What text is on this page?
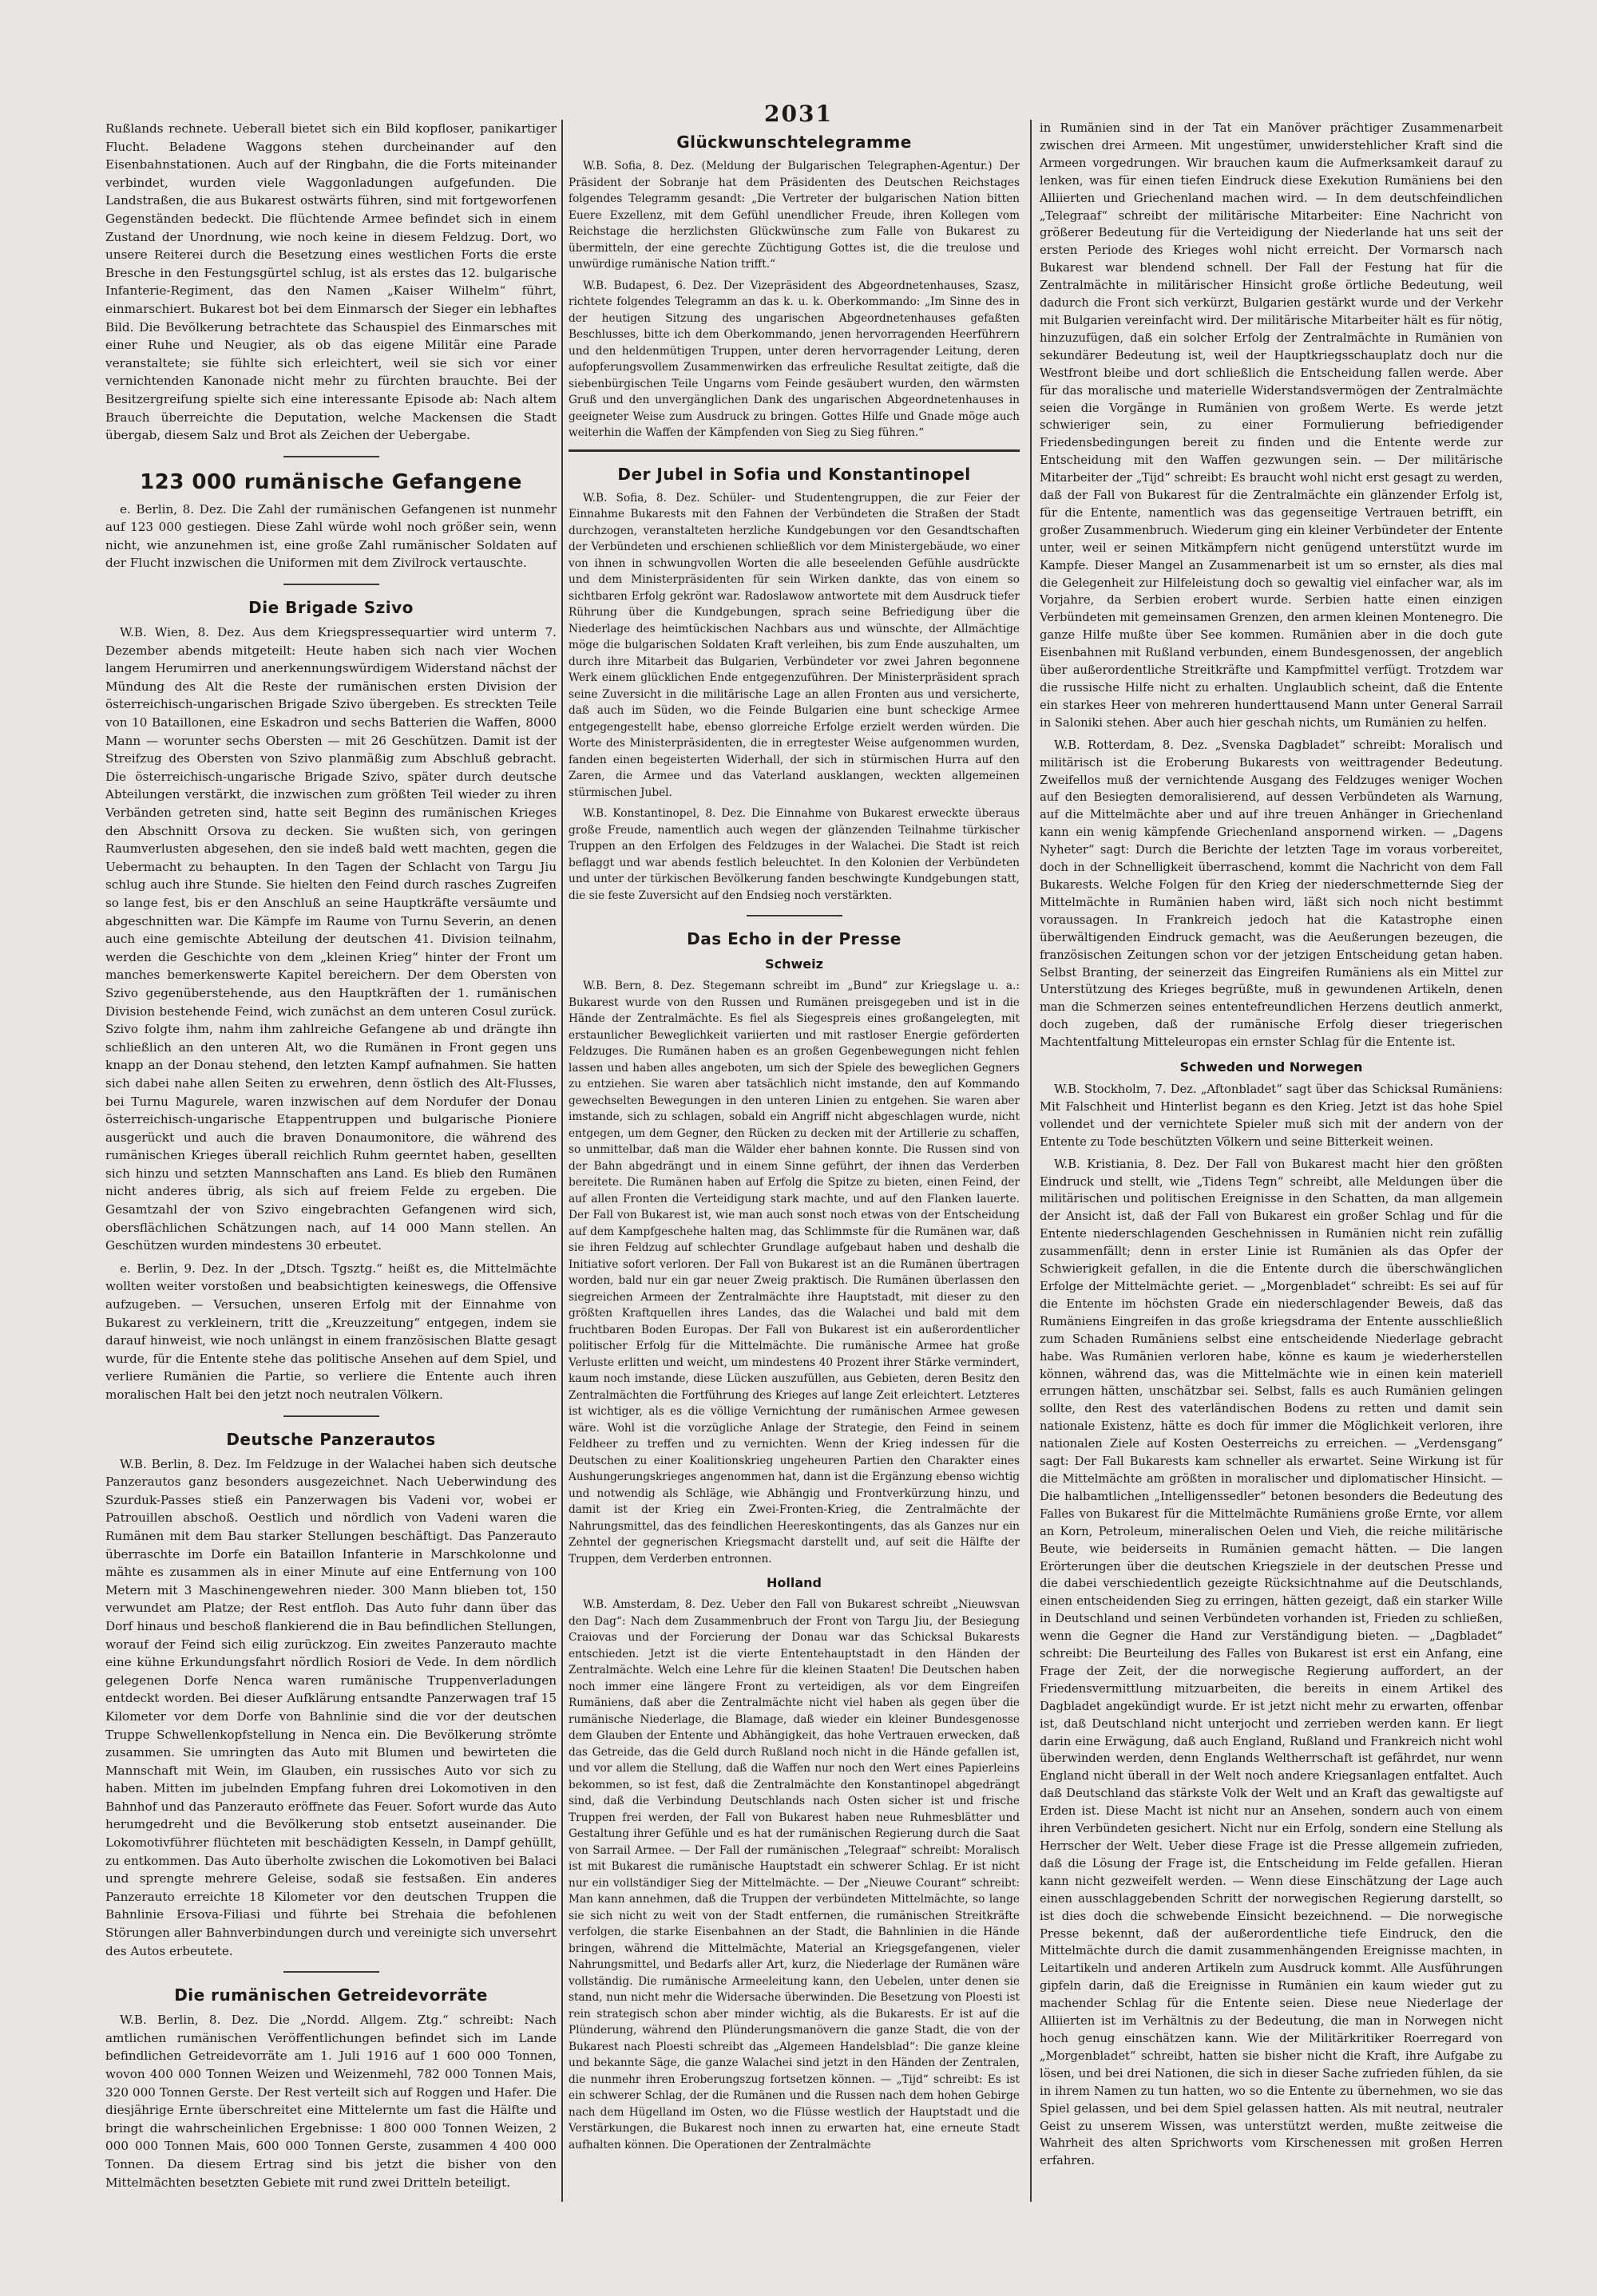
2031

Rußlands rechnete. Ueberall bietet sich ein Bild kopfloser, panikartiger Flucht. Beladene Waggons stehen durcheinander auf den Eisenbahnstationen. Auch auf der Ringbahn, die die Forts miteinander verbindet, wurden viele Waggonladungen aufgefunden. Die Landstraßen, die aus Bukarest ostwärts führen, sind mit fortgeworfenen Gegenständen bedeckt. Die flüchtende Armee befindet sich in einem Zustand der Unordnung, wie noch keine in diesem Feldzug. Dort, wo unsere Reiterei durch die Besetzung eines westlichen Forts die erste Bresche in den Festungsgürtel schlug, ist als erstes das 12. bulgarische Infanterie-Regiment, das den Namen „Kaiser Wilhelm“ führt, einmarschiert. Bukarest bot bei dem Einmarsch der Sieger ein lebhaftes Bild. Die Bevölkerung betrachtete das Schauspiel des Einmarsches mit einer Ruhe und Neugier, als ob das eigene Militär eine Parade veranstaltete; sie fühlte sich erleichtert, weil sie sich vor einer vernichtenden Kanonade nicht mehr zu fürchten brauchte. Bei der Besitzergreifung spielte sich eine interessante Episode ab: Nach altem Brauch überreichte die Deputation, welche Mackensen die Stadt übergab, diesem Salz und Brot als Zeichen der Uebergabe.

123 000 rumänische Gefangene

e. Berlin, 8. Dez. Die Zahl der rumänischen Gefangenen ist nunmehr auf 123 000 gestiegen. Diese Zahl würde wohl noch größer sein, wenn nicht, wie anzunehmen ist, eine große Zahl rumänischer Soldaten auf der Flucht inzwischen die Uniformen mit dem Zivilrock vertauschte.

Die Brigade Szivo

W.B. Wien, 8. Dez. Aus dem Kriegspressequartier wird unterm 7. Dezember abends mitgeteilt: Heute haben sich nach vier Wochen langem Herumirren und anerkennungswürdigem Widerstand nächst der Mündung des Alt die Reste der rumänischen ersten Division der österreichisch-ungarischen Brigade Szivo übergeben. Es streckten Teile von 10 Bataillonen, eine Eskadron und sechs Batterien die Waffen, 8000 Mann — worunter sechs Obersten — mit 26 Geschützen. Damit ist der Streifzug des Obersten von Szivo planmäßig zum Abschluß gebracht. Die österreichisch-ungarische Brigade Szivo, später durch deutsche Abteilungen verstärkt, die inzwischen zum größten Teil wieder zu ihren Verbänden getreten sind, hatte seit Beginn des rumänischen Krieges den Abschnitt Orsova zu decken. Sie wußten sich, von geringen Raumverlusten abgesehen, den sie indeß bald wett machten, gegen die Uebermacht zu behaupten. In den Tagen der Schlacht von Targu Jiu schlug auch ihre Stunde. Sie hielten den Feind durch rasches Zugreifen so lange fest, bis er den Anschluß an seine Hauptkräfte versäumte und abgeschnitten war. Die Kämpfe im Raume von Turnu Severin, an denen auch eine gemischte Abteilung der deutschen 41. Division teilnahm, werden die Geschichte von dem „kleinen Krieg“ hinter der Front um manches bemerkenswerte Kapitel bereichern. Der dem Obersten von Szivo gegenüberstehende, aus den Hauptkräften der 1. rumänischen Division bestehende Feind, wich zunächst an dem unteren Cosul zurück. Szivo folgte ihm, nahm ihm zahlreiche Gefangene ab und drängte ihn schließlich an den unteren Alt, wo die Rumänen in Front gegen uns knapp an der Donau stehend, den letzten Kampf aufnahmen. Sie hatten sich dabei nahe allen Seiten zu erwehren, denn östlich des Alt-Flusses, bei Turnu Magurele, waren inzwischen auf dem Nordufer der Donau österreichisch-ungarische Etappentruppen und bulgarische Pioniere ausgerückt und auch die braven Donaumonitore, die während des rumänischen Krieges überall reichlich Ruhm geerntet haben, gesellten sich hinzu und setzten Mannschaften ans Land. Es blieb den Rumänen nicht anderes übrig, als sich auf freiem Felde zu ergeben. Die Gesamtzahl der von Szivo eingebrachten Gefangenen wird sich, obersflächlichen Schätzungen nach, auf 14 000 Mann stellen. An Geschützen wurden mindestens 30 erbeutet.

e. Berlin, 9. Dez. In der „Dtsch. Tgsztg.“ heißt es, die Mittelmächte wollten weiter vorstoßen und beabsichtigten keineswegs, die Offensive aufzugeben. — Versuchen, unseren Erfolg mit der Einnahme von Bukarest zu verkleinern, tritt die „Kreuzzeitung“ entgegen, indem sie darauf hinweist, wie noch unlängst in einem französischen Blatte gesagt wurde, für die Entente stehe das politische Ansehen auf dem Spiel, und verliere Rumänien die Partie, so verliere die Entente auch ihren moralischen Halt bei den jetzt noch neutralen Völkern.

Deutsche Panzerautos

W.B. Berlin, 8. Dez. Im Feldzuge in der Walachei haben sich deutsche Panzerautos ganz besonders ausgezeichnet. Nach Ueberwindung des Szurduk-Passes stieß ein Panzerwagen bis Vadeni vor, wobei er Patrouillen abschoß. Oestlich und nördlich von Vadeni waren die Rumänen mit dem Bau starker Stellungen beschäftigt. Das Panzerauto überraschte im Dorfe ein Bataillon Infanterie in Marschkolonne und mähte es zusammen als in einer Minute auf eine Entfernung von 100 Metern mit 3 Maschinengewehren nieder. 300 Mann blieben tot, 150 verwundet am Platze; der Rest entfloh. Das Auto fuhr dann über das Dorf hinaus und beschoß flankierend die in Bau befindlichen Stellungen, worauf der Feind sich eilig zurückzog. Ein zweites Panzerauto machte eine kühne Erkundungsfahrt nördlich Rosiori de Vede. In dem nördlich gelegenen Dorfe Nenca waren rumänische Truppenverladungen entdeckt worden. Bei dieser Aufklärung entsandte Panzerwagen traf 15 Kilometer vor dem Dorfe von Bahnlinie sind die vor der deutschen Truppe Schwellenkopfstellung in Nenca ein. Die Bevölkerung strömte zusammen. Sie umringten das Auto mit Blumen und bewirteten die Mannschaft mit Wein, im Glauben, ein russisches Auto vor sich zu haben. Mitten im jubelnden Empfang fuhren drei Lokomotiven in den Bahnhof und das Panzerauto eröffnete das Feuer. Sofort wurde das Auto herumgedreht und die Bevölkerung stob entsetzt auseinander. Die Lokomotivführer flüchteten mit beschädigten Kesseln, in Dampf gehüllt, zu entkommen. Das Auto überholte zwischen die Lokomotiven bei Balaci und sprengte mehrere Geleise, sodaß sie festsaßen. Ein anderes Panzerauto erreichte 18 Kilometer vor den deutschen Truppen die Bahnlinie Ersova-Filiasi und führte bei Strehaia die befohlenen Störungen aller Bahnverbindungen durch und vereinigte sich unversehrt des Autos erbeutete.

Die rumänischen Getreidevorräte

W.B. Berlin, 8. Dez. Die „Nordd. Allgem. Ztg.“ schreibt: Nach amtlichen rumänischen Veröffentlichungen befindet sich im Lande befindlichen Getreidevorräte am 1. Juli 1916 auf 1 600 000 Tonnen, wovon 400 000 Tonnen Weizen und Weizenmehl, 782 000 Tonnen Mais, 320 000 Tonnen Gerste. Der Rest verteilt sich auf Roggen und Hafer. Die diesjährige Ernte überschreitet eine Mittelernte um fast die Hälfte und bringt die wahrscheinlichen Ergebnisse: 1 800 000 Tonnen Weizen, 2 000 000 Tonnen Mais, 600 000 Tonnen Gerste, zusammen 4 400 000 Tonnen. Da diesem Ertrag sind bis jetzt die bisher von den Mittelmächten besetzten Gebiete mit rund zwei Dritteln beteiligt.

Glückwunschtelegramme

W.B. Sofia, 8. Dez. (Meldung der Bulgarischen Telegraphen-Agentur.) Der Präsident der Sobranje hat dem Präsidenten des Deutschen Reichstages folgendes Telegramm gesandt: „Die Vertreter der bulgarischen Nation bitten Euere Exzellenz, mit dem Gefühl unendlicher Freude, ihren Kollegen vom Reichstage die herzlichsten Glückwünsche zum Falle von Bukarest zu übermitteln, der eine gerechte Züchtigung Gottes ist, die die treulose und unwürdige rumänische Nation trifft.“

W.B. Budapest, 6. Dez. Der Vizepräsident des Abgeordnetenhauses, Szasz, richtete folgendes Telegramm an das k. u. k. Oberkommando: „Im Sinne des in der heutigen Sitzung des ungarischen Abgeordnetenhauses gefaßten Beschlusses, bitte ich dem Oberkommando, jenen hervorragenden Heerführern und den heldenmütigen Truppen, unter deren hervorragender Leitung, deren aufopferungsvollem Zusammenwirken das erfreuliche Resultat zeitigte, daß die siebenbürgischen Teile Ungarns vom Feinde gesäubert wurden, den wärmsten Gruß und den unvergänglichen Dank des ungarischen Abgeordnetenhauses in geeigneter Weise zum Ausdruck zu bringen. Gottes Hilfe und Gnade möge auch weiterhin die Waffen der Kämpfenden von Sieg zu Sieg führen.“

Der Jubel in Sofia und Konstantinopel

W.B. Sofia, 8. Dez. Schüler- und Studentengruppen, die zur Feier der Einnahme Bukarests mit den Fahnen der Verbündeten die Straßen der Stadt durchzogen, veranstalteten herzliche Kundgebungen vor den Gesandtschaften der Verbündeten und erschienen schließlich vor dem Ministergebäude, wo einer von ihnen in schwungvollen Worten die alle beseelenden Gefühle ausdrückte und dem Ministerpräsidenten für sein Wirken dankte, das von einem so sichtbaren Erfolg gekrönt war. Radoslawow antwortete mit dem Ausdruck tiefer Rührung über die Kundgebungen, sprach seine Befriedigung über die Niederlage des heimtückischen Nachbars aus und wünschte, der Allmächtige möge die bulgarischen Soldaten Kraft verleihen, bis zum Ende auszuhalten, um durch ihre Mitarbeit das Bulgarien, Verbündeter vor zwei Jahren begonnene Werk einem glücklichen Ende entgegenzuführen. Der Ministerpräsident sprach seine Zuversicht in die militärische Lage an allen Fronten aus und versicherte, daß auch im Süden, wo die Feinde Bulgarien eine bunt scheckige Armee entgegengestellt habe, ebenso glorreiche Erfolge erzielt werden würden. Die Worte des Ministerpräsidenten, die in erregtester Weise aufgenommen wurden, fanden einen begeisterten Widerhall, der sich in stürmischen Hurra auf den Zaren, die Armee und das Vaterland ausklangen, weckten allgemeinen stürmischen Jubel.

W.B. Konstantinopel, 8. Dez. Die Einnahme von Bukarest erweckte überaus große Freude, namentlich auch wegen der glänzenden Teilnahme türkischer Truppen an den Erfolgen des Feldzuges in der Walachei. Die Stadt ist reich beflaggt und war abends festlich beleuchtet. In den Kolonien der Verbündeten und unter der türkischen Bevölkerung fanden beschwingte Kundgebungen statt, die sie feste Zuversicht auf den Endsieg noch verstärkten.

Das Echo in der Presse
Schweiz

W.B. Bern, 8. Dez. Stegemann schreibt im „Bund“ zur Kriegslage u. a.: Bukarest wurde von den Russen und Rumänen preisgegeben und ist in die Hände der Zentralmächte. Es fiel als Siegespreis eines großangelegten, mit erstaunlicher Beweglichkeit variierten und mit rastloser Energie geförderten Feldzuges. Die Rumänen haben es an großen Gegenbewegungen nicht fehlen lassen und haben alles angeboten, um sich der Spiele des beweglichen Gegners zu entziehen. Sie waren aber tatsächlich nicht imstande, den auf Kommando gewechselten Bewegungen in den unteren Linien zu entgehen. Sie waren aber imstande, sich zu schlagen, sobald ein Angriff nicht abgeschlagen wurde, nicht entgegen, um dem Gegner, den Rücken zu decken mit der Artillerie zu schaffen, so unmittelbar, daß man die Wälder eher bahnen konnte. Die Russen sind von der Bahn abgedrängt und in einem Sinne geführt, der ihnen das Verderben bereitete. Die Rumänen haben auf Erfolg die Spitze zu bieten, einen Feind, der auf allen Fronten die Verteidigung stark machte, und auf den Flanken lauerte. Der Fall von Bukarest ist, wie man auch sonst noch etwas von der Entscheidung auf dem Kampfgeschehe halten mag, das Schlimmste für die Rumänen war, daß sie ihren Feldzug auf schlechter Grundlage aufgebaut haben und deshalb die Initiative sofort verloren. Der Fall von Bukarest ist an die Rumänen übertragen worden, bald nur ein gar neuer Zweig praktisch. Die Rumänen überlassen den siegreichen Armeen der Zentralmächte ihre Hauptstadt, mit dieser zu den größten Kraftquellen ihres Landes, das die Walachei und bald mit dem fruchtbaren Boden Europas. Der Fall von Bukarest ist ein außerordentlicher politischer Erfolg für die Mittelmächte. Die rumänische Armee hat große Verluste erlitten und weicht, um mindestens 40 Prozent ihrer Stärke vermindert, kaum noch imstande, diese Lücken auszufüllen, aus Gebieten, deren Besitz den Zentralmächten die Fortführung des Krieges auf lange Zeit erleichtert. Letzteres ist wichtiger, als es die völlige Vernichtung der rumänischen Armee gewesen wäre. Wohl ist die vorzügliche Anlage der Strategie, den Feind in seinem Feldheer zu treffen und zu vernichten. Wenn der Krieg indessen für die Deutschen zu einer Koalitionskrieg ungeheuren Partien den Charakter eines Aushungerungskrieges angenommen hat, dann ist die Ergänzung ebenso wichtig und notwendig als Schläge, wie Abhängig und Frontverkürzung hinzu, und damit ist der Krieg ein Zwei-Fronten-Krieg, die Zentralmächte der Nahrungsmittel, das des feindlichen Heereskontingents, das als Ganzes nur ein Zehntel der gegnerischen Kriegsmacht darstellt und, auf seit die Hälfte der Truppen, dem Verderben entronnen.

Holland

W.B. Amsterdam, 8. Dez. Ueber den Fall von Bukarest schreibt „Nieuwsvan den Dag“: Nach dem Zusammenbruch der Front von Targu Jiu, der Besiegung Craiovas und der Forcierung der Donau war das Schicksal Bukarests entschieden. Jetzt ist die vierte Ententehauptstadt in den Händen der Zentralmächte. Welch eine Lehre für die kleinen Staaten! Die Deutschen haben noch immer eine längere Front zu verteidigen, als vor dem Eingreifen Rumäniens, daß aber die Zentralmächte nicht viel haben als gegen über die rumänische Niederlage, die Blamage, daß wieder ein kleiner Bundesgenosse dem Glauben der Entente und Abhängigkeit, das hohe Vertrauen erwecken, daß das Getreide, das die Geld durch Rußland noch nicht in die Hände gefallen ist, und vor allem die Stellung, daß die Waffen nur noch den Wert eines Papierleins bekommen, so ist fest, daß die Zentralmächte den Konstantinopel abgedrängt sind, daß die Verbindung Deutschlands nach Osten sicher ist und frische Truppen frei werden, der Fall von Bukarest haben neue Ruhmesblätter und Gestaltung ihrer Gefühle und es hat der rumänischen Regierung durch die Saat von Sarrail Armee. — Der Fall der rumänischen „Telegraaf“ schreibt: Moralisch ist mit Bukarest die rumänische Hauptstadt ein schwerer Schlag. Er ist nicht nur ein vollständiger Sieg der Mittelmächte. — Der „Nieuwe Courant“ schreibt: Man kann annehmen, daß die Truppen der verbündeten Mittelmächte, so lange sie sich nicht zu weit von der Stadt entfernen, die rumänischen Streitkräfte verfolgen, die starke Eisenbahnen an der Stadt, die Bahnlinien in die Hände bringen, während die Mittelmächte, Material an Kriegsgefangenen, vieler Nahrungsmittel, und Bedarfs aller Art, kurz, die Niederlage der Rumänen wäre vollständig. Die rumänische Armeeleitung kann, den Uebelen, unter denen sie stand, nun nicht mehr die Widersache überwinden. Die Besetzung von Ploesti ist rein strategisch schon aber minder wichtig, als die Bukarests. Er ist auf die Plünderung, während den Plünderungsmanövern die ganze Stadt, die von der Bukarest nach Ploesti schreibt das „Algemeen Handelsblad“: Die ganze kleine und bekannte Säge, die ganze Walachei sind jetzt in den Händen der Zentralen, die nunmehr ihren Eroberungszug fortsetzen können. — „Tijd“ schreibt: Es ist ein schwerer Schlag, der die Rumänen und die Russen nach dem hohen Gebirge nach dem Hügelland im Osten, wo die Flüsse westlich der Hauptstadt und die Verstärkungen, die Bukarest noch innen zu erwarten hat, eine erneute Stadt aufhalten können. Die Operationen der Zentralmächte

in Rumänien sind in der Tat ein Manöver prächtiger Zusammenarbeit zwischen drei Armeen. Mit ungestümer, unwiderstehlicher Kraft sind die Armeen vorgedrungen. Wir brauchen kaum die Aufmerksamkeit darauf zu lenken, was für einen tiefen Eindruck diese Exekution Rumäniens bei den Alliierten und Griechenland machen wird. — In dem deutschfeindlichen „Telegraaf“ schreibt der militärische Mitarbeiter: Eine Nachricht von größerer Bedeutung für die Verteidigung der Niederlande hat uns seit der ersten Periode des Krieges wohl nicht erreicht. Der Vormarsch nach Bukarest war blendend schnell. Der Fall der Festung hat für die Zentralmächte in militärischer Hinsicht große örtliche Bedeutung, weil dadurch die Front sich verkürzt, Bulgarien gestärkt wurde und der Verkehr mit Bulgarien vereinfacht wird. Der militärische Mitarbeiter hält es für nötig, hinzuzufügen, daß ein solcher Erfolg der Zentralmächte in Rumänien von sekundärer Bedeutung ist, weil der Hauptkriegsschauplatz doch nur die Westfront bleibe und dort schließlich die Entscheidung fallen werde. Aber für das moralische und materielle Widerstandsvermögen der Zentralmächte seien die Vorgänge in Rumänien von großem Werte. Es werde jetzt schwieriger sein, zu einer Formulierung befriedigender Friedensbedingungen bereit zu finden und die Entente werde zur Entscheidung mit den Waffen gezwungen sein. — Der militärische Mitarbeiter der „Tijd“ schreibt: Es braucht wohl nicht erst gesagt zu werden, daß der Fall von Bukarest für die Zentralmächte ein glänzender Erfolg ist, für die Entente, namentlich was das gegenseitige Vertrauen betrifft, ein großer Zusammenbruch. Wiederum ging ein kleiner Verbündeter der Entente unter, weil er seinen Mitkämpfern nicht genügend unterstützt wurde im Kampfe. Dieser Mangel an Zusammenarbeit ist um so ernster, als dies mal die Gelegenheit zur Hilfeleistung doch so gewaltig viel einfacher war, als im Vorjahre, da Serbien erobert wurde. Serbien hatte einen einzigen Verbündeten mit gemeinsamen Grenzen, den armen kleinen Montenegro. Die ganze Hilfe mußte über See kommen. Rumänien aber in die doch gute Eisenbahnen mit Rußland verbunden, einem Bundesgenossen, der angeblich über außerordentliche Streitkräfte und Kampfmittel verfügt. Trotzdem war die russische Hilfe nicht zu erhalten. Unglaublich scheint, daß die Entente ein starkes Heer von mehreren hunderttausend Mann unter General Sarrail in Saloniki stehen. Aber auch hier geschah nichts, um Rumänien zu helfen.

W.B. Rotterdam, 8. Dez. „Svenska Dagbladet“ schreibt: Moralisch und militärisch ist die Eroberung Bukarests von weittragender Bedeutung. Zweifellos muß der vernichtende Ausgang des Feldzuges weniger Wochen auf den Besiegten demoralisierend, auf dessen Verbündeten als Warnung, auf die Mittelmächte aber und auf ihre treuen Anhänger in Griechenland kann ein wenig kämpfende Griechenland anspornend wirken. — „Dagens Nyheter“ sagt: Durch die Berichte der letzten Tage im voraus vorbereitet, doch in der Schnelligkeit überraschend, kommt die Nachricht von dem Fall Bukarests. Welche Folgen für den Krieg der niederschmetternde Sieg der Mittelmächte in Rumänien haben wird, läßt sich noch nicht bestimmt voraussagen. In Frankreich jedoch hat die Katastrophe einen überwältigenden Eindruck gemacht, was die Aeußerungen bezeugen, die französischen Zeitungen schon vor der jetzigen Entscheidung getan haben. Selbst Branting, der seinerzeit das Eingreifen Rumäniens als ein Mittel zur Unterstützung des Krieges begrüßte, muß in gewundenen Artikeln, denen man die Schmerzen seines ententefreundlichen Herzens deutlich anmerkt, doch zugeben, daß der rumänische Erfolg dieser triegerischen Machtentfaltung Mitteleuropas ein ernster Schlag für die Entente ist.

Schweden und Norwegen

W.B. Stockholm, 7. Dez. „Aftonbladet“ sagt über das Schicksal Rumäniens: Mit Falschheit und Hinterlist begann es den Krieg. Jetzt ist das hohe Spiel vollendet und der vernichtete Spieler muß sich mit der andern von der Entente zu Tode beschützten Völkern und seine Bitterkeit weinen.

W.B. Kristiania, 8. Dez. Der Fall von Bukarest macht hier den größten Eindruck und stellt, wie „Tidens Tegn“ schreibt, alle Meldungen über die militärischen und politischen Ereignisse in den Schatten, da man allgemein der Ansicht ist, daß der Fall von Bukarest ein großer Schlag und für die Entente niederschlagenden Geschehnissen in Rumänien nicht rein zufällig zusammenfällt; denn in erster Linie ist Rumänien als das Opfer der Schwierigkeit gefallen, in die die Entente durch die überschwänglichen Erfolge der Mittelmächte geriet. — „Morgenbladet“ schreibt: Es sei auf für die Entente im höchsten Grade ein niederschlagender Beweis, daß das Rumäniens Eingreifen in das große kriegsdrama der Entente ausschließlich zum Schaden Rumäniens selbst eine entscheidende Niederlage gebracht habe. Was Rumänien verloren habe, könne es kaum je wiederherstellen können, während das, was die Mittelmächte wie in einen kein materiell errungen hätten, unschätzbar sei. Selbst, falls es auch Rumänien gelingen sollte, den Rest des vaterländischen Bodens zu retten und damit sein nationale Existenz, hätte es doch für immer die Möglichkeit verloren, ihre nationalen Ziele auf Kosten Oesterreichs zu erreichen. — „Verdensgang“ sagt: Der Fall Bukarests kam schneller als erwartet. Seine Wirkung ist für die Mittelmächte am größten in moralischer und diplomatischer Hinsicht. — Die halbamtlichen „Intelligenssedler“ betonen besonders die Bedeutung des Falles von Bukarest für die Mittelmächte Rumäniens große Ernte, vor allem an Korn, Petroleum, mineralischen Oelen und Vieh, die reiche militärische Beute, wie beiderseits in Rumänien gemacht hätten. — Die langen Erörterungen über die deutschen Kriegsziele in der deutschen Presse und die dabei verschiedentlich gezeigte Rücksichtnahme auf die Deutschlands, einen entscheidenden Sieg zu erringen, hätten gezeigt, daß ein starker Wille in Deutschland und seinen Verbündeten vorhanden ist, Frieden zu schließen, wenn die Gegner die Hand zur Verständigung bieten. — „Dagbladet“ schreibt: Die Beurteilung des Falles von Bukarest ist erst ein Anfang, eine Frage der Zeit, der die norwegische Regierung auffordert, an der Friedensvermittlung mitzuarbeiten, die bereits in einem Artikel des Dagbladet angekündigt wurde. Er ist jetzt nicht mehr zu erwarten, offenbar ist, daß Deutschland nicht unterjocht und zerrieben werden kann. Er liegt darin eine Erwägung, daß auch England, Rußland und Frankreich nicht wohl überwinden werden, denn Englands Weltherrschaft ist gefährdet, nur wenn England nicht überall in der Welt noch andere Kriegsanlagen entfaltet. Auch daß Deutschland das stärkste Volk der Welt und an Kraft das gewaltigste auf Erden ist. Diese Macht ist nicht nur an Ansehen, sondern auch von einem ihren Verbündeten gesichert. Nicht nur ein Erfolg, sondern eine Stellung als Herrscher der Welt. Ueber diese Frage ist die Presse allgemein zufrieden, daß die Lösung der Frage ist, die Entscheidung im Felde gefallen. Hieran kann nicht gezweifelt werden. — Wenn diese Einschätzung der Lage auch einen ausschlaggebenden Schritt der norwegischen Regierung darstellt, so ist dies doch die schwebende Einsicht bezeichnend. — Die norwegische Presse bekennt, daß der außerordentliche tiefe Eindruck, den die Mittelmächte durch die damit zusammenhängenden Ereignisse machten, in Leitartikeln und anderen Artikeln zum Ausdruck kommt. Alle Ausführungen gipfeln darin, daß die Ereignisse in Rumänien ein kaum wieder gut zu machender Schlag für die Entente seien. Diese neue Niederlage der Alliierten ist im Verhältnis zu der Bedeutung, die man in Norwegen nicht hoch genug einschätzen kann. Wie der Militärkritiker Roerregard von „Morgenbladet“ schreibt, hatten sie bisher nicht die Kraft, ihre Aufgabe zu lösen, und bei drei Nationen, die sich in dieser Sache zufrieden fühlen, da sie in ihrem Namen zu tun hatten, wo so die Entente zu übernehmen, wo sie das Spiel gelassen, und bei dem Spiel gelassen hatten. Als mit neutral, neutraler Geist zu unserem Wissen, was unterstützt werden, mußte zeitweise die Wahrheit des alten Sprichworts vom Kirschenessen mit großen Herren erfahren.
